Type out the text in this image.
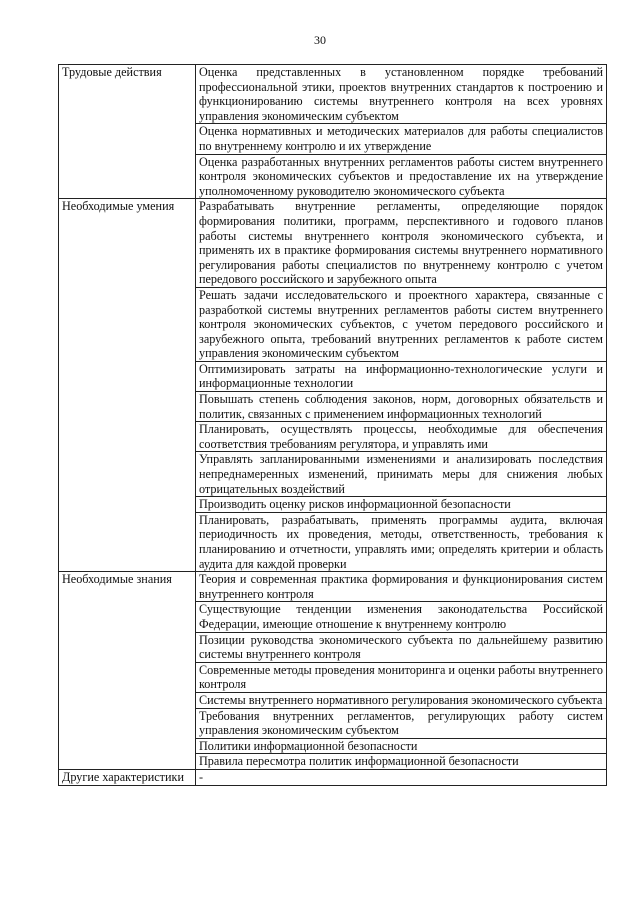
30
Трудовые действия	Оценка представленных в установленном порядке требований профессиональной этики, проектов внутренних стандартов к построению и функционированию системы внутреннего контроля на всех уровнях управления экономическим субъектом
	Оценка нормативных и методических материалов для работы специалистов по внутреннему контролю и их утверждение
	Оценка разработанных внутренних регламентов работы систем внутреннего контроля экономических субъектов и предоставление их на утверждение уполномоченному руководителю экономического субъекта
Необходимые умения	Разрабатывать внутренние регламенты, определяющие порядок формирования политики, программ, перспективного и годового планов работы системы внутреннего контроля экономического субъекта, и применять их в практике формирования системы внутреннего нормативного регулирования работы специалистов по внутреннему контролю с учетом передового российского и зарубежного опыта
	Решать задачи исследовательского и проектного характера, связанные с разработкой системы внутренних регламентов работы систем внутреннего контроля экономических субъектов, с учетом передового российского и зарубежного опыта, требований внутренних регламентов к работе систем управления экономическим субъектом
	Оптимизировать затраты на информационно-технологические услуги и информационные технологии
	Повышать степень соблюдения законов, норм, договорных обязательств и политик, связанных с применением информационных технологий
	Планировать, осуществлять процессы, необходимые для обеспечения соответствия требованиям регулятора, и управлять ими
	Управлять запланированными изменениями и анализировать последствия непреднамеренных изменений, принимать меры для снижения любых отрицательных воздействий
	Производить оценку рисков информационной безопасности
	Планировать, разрабатывать, применять программы аудита, включая периодичность их проведения, методы, ответственность, требования к планированию и отчетности, управлять ими; определять критерии и область аудита для каждой проверки
Необходимые знания	Теория и современная практика формирования и функционирования систем внутреннего контроля
	Существующие тенденции изменения законодательства Российской Федерации, имеющие отношение к внутреннему контролю
	Позиции руководства экономического субъекта по дальнейшему развитию системы внутреннего контроля
	Современные методы проведения мониторинга и оценки работы внутреннего контроля
	Системы внутреннего нормативного регулирования экономического субъекта
	Требования внутренних регламентов, регулирующих работу систем управления экономическим субъектом
	Политики информационной безопасности
	Правила пересмотра политик информационной безопасности
Другие характеристики	-
